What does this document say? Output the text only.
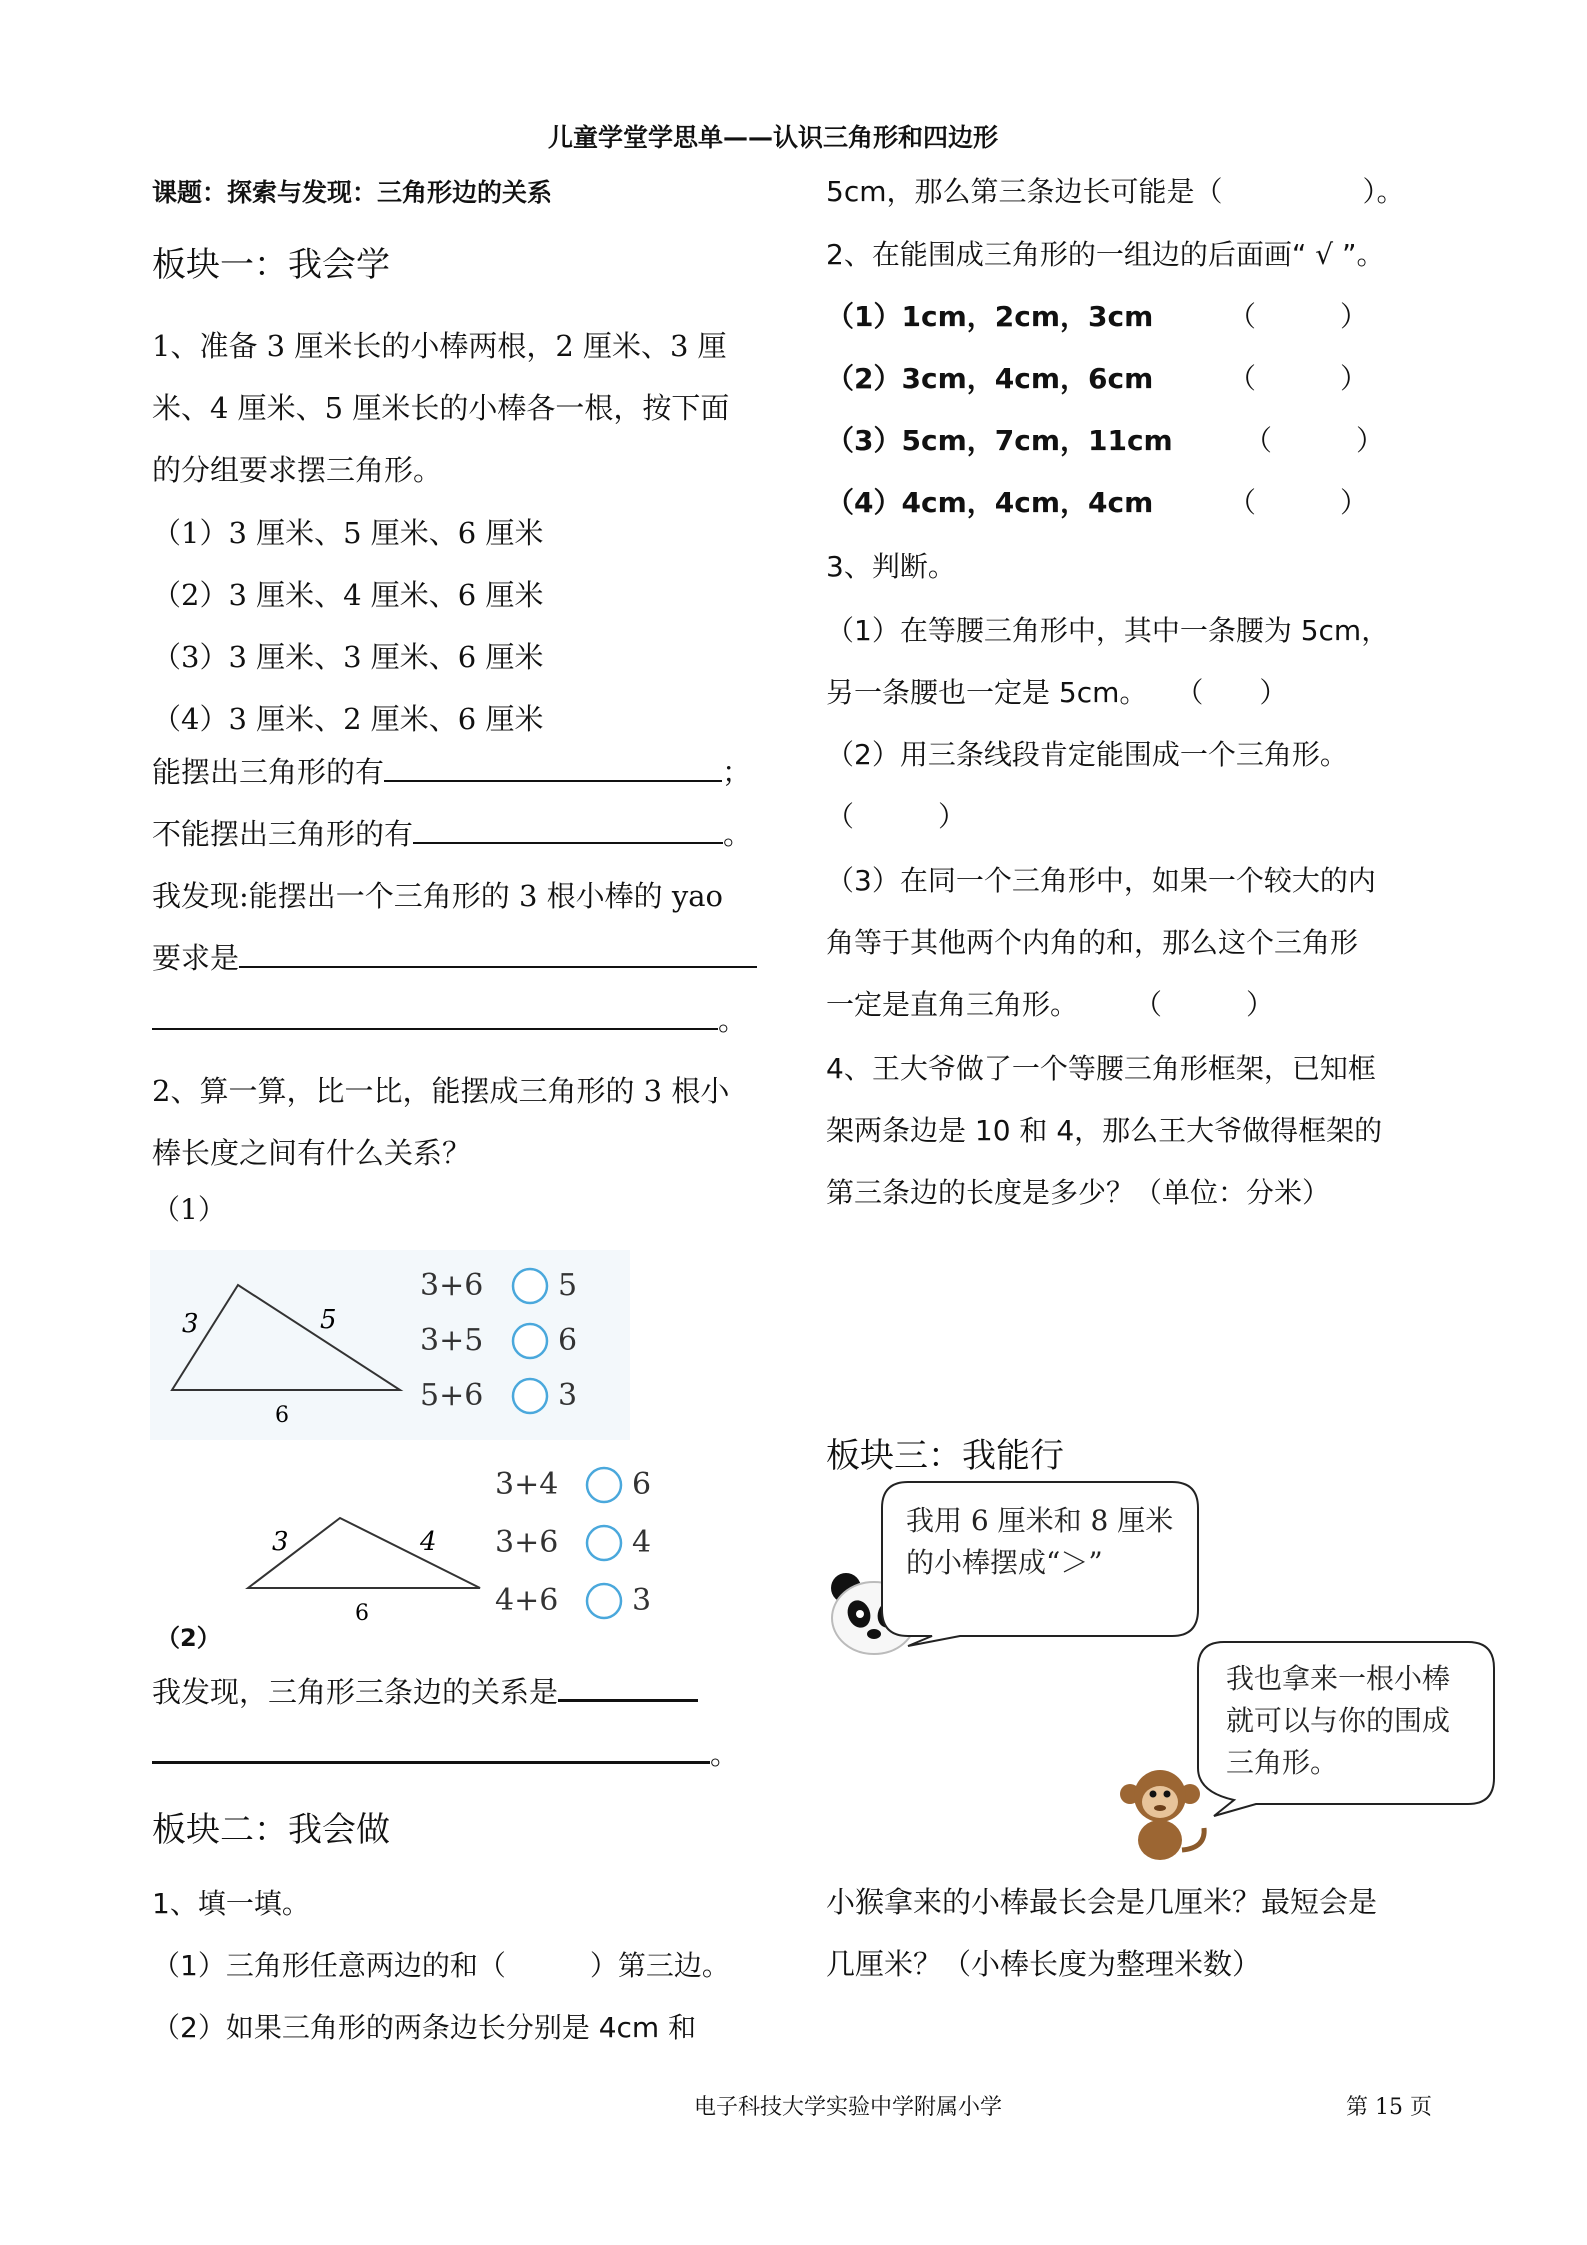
儿童学堂学思单——认识三角形和四边形
课题：探索与发现：三角形边的关系
板块一：我会学
1、准备 3 厘米长的小棒两根，2 厘米、3 厘
米、4 厘米、5 厘米长的小棒各一根，按下面
的分组要求摆三角形。
（1）3 厘米、5 厘米、6 厘米
（2）3 厘米、4 厘米、6 厘米
（3）3 厘米、3 厘米、6 厘米
（4）3 厘米、2 厘米、6 厘米
能摆出三角形的有	；
不能摆出三角形的有	。
我发现:能摆出一个三角形的 3 根小棒的 yao
要求是
。
2、算一算，比一比，能摆成三角形的 3 根小
棒长度之间有什么关系？
（1）
3	5
6
3+6 5
3+5 6
5+6 3
3	4
6
3+4 6
3+6 4
4+6 3
（2）
我发现，三角形三条边的关系是
。
板块二：我会做
1、填一填。
（1）三角形任意两边的和（　　　）第三边。
（2）如果三角形的两条边长分别是 4cm 和
5cm，那么第三条边长可能是（　　　　　）。
2、在能围成三角形的一组边的后面画“ √ ”。
（1）1cm，2cm，3cm	（　　　）
（2）3cm，4cm，6cm	（　　　）
（3）5cm，7cm，11cm	（　　　）
（4）4cm，4cm，4cm	（　　　）
3、判断。
（1）在等腰三角形中，其中一条腰为 5cm，
另一条腰也一定是 5cm。　　（　　）
（2）用三条线段肯定能围成一个三角形。
（　　　）
（3）在同一个三角形中，如果一个较大的内
角等于其他两个内角的和，那么这个三角形
一定是直角三角形。　　　（　　　）
4、王大爷做了一个等腰三角形框架，已知框
架两条边是 10 和 4，那么王大爷做得框架的
第三条边的长度是多少？（单位：分米）
板块三：我能行
我用 6 厘米和 8 厘米的小棒摆成“＞”
我也拿来一根小棒就可以与你的围成三角形。
小猴拿来的小棒最长会是几厘米？最短会是
几厘米？（小棒长度为整理米数）
电子科技大学实验中学附属小学	第 15 页
